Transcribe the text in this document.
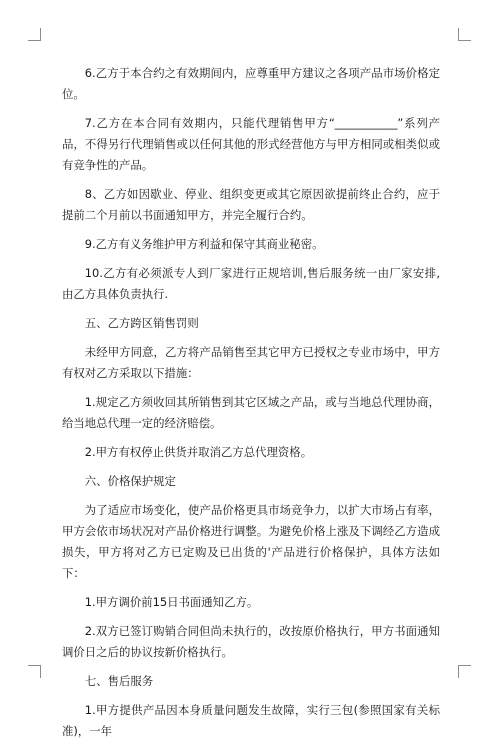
6.乙方于本合约之有效期间内，应尊重甲方建议之各项产品市场价格定位。

7.乙方在本合同有效期内，只能代理销售甲方“___________”系列产品，不得另行代理销售或以任何其他的形式经营他方与甲方相同或相类似或有竞争性的产品。

8、乙方如因歇业、停业、组织变更或其它原因欲提前终止合约，应于提前二个月前以书面通知甲方，并完全履行合约。

9.乙方有义务维护甲方利益和保守其商业秘密。

10.乙方有必须派专人到厂家进行正规培训,售后服务统一由厂家安排,由乙方具体负责执行.

五、乙方跨区销售罚则

未经甲方同意，乙方将产品销售至其它甲方已授权之专业市场中，甲方有权对乙方采取以下措施：

1.规定乙方须收回其所销售到其它区域之产品，或与当地总代理协商，给当地总代理一定的经济赔偿。

2.甲方有权停止供货并取消乙方总代理资格。

六、价格保护规定

为了适应市场变化，使产品价格更具市场竞争力，以扩大市场占有率，甲方会依市场状况对产品价格进行调整。为避免价格上涨及下调经乙方造成损失，甲方将对乙方已定购及已出货的'产品进行价格保护，具体方法如下：

1.甲方调价前15日书面通知乙方。

2.双方已签订购销合同但尚未执行的，改按原价格执行，甲方书面通知调价日之后的协议按新价格执行。

七、售后服务

1.甲方提供产品因本身质量问题发生故障，实行三包(参照国家有关标准)，一年
